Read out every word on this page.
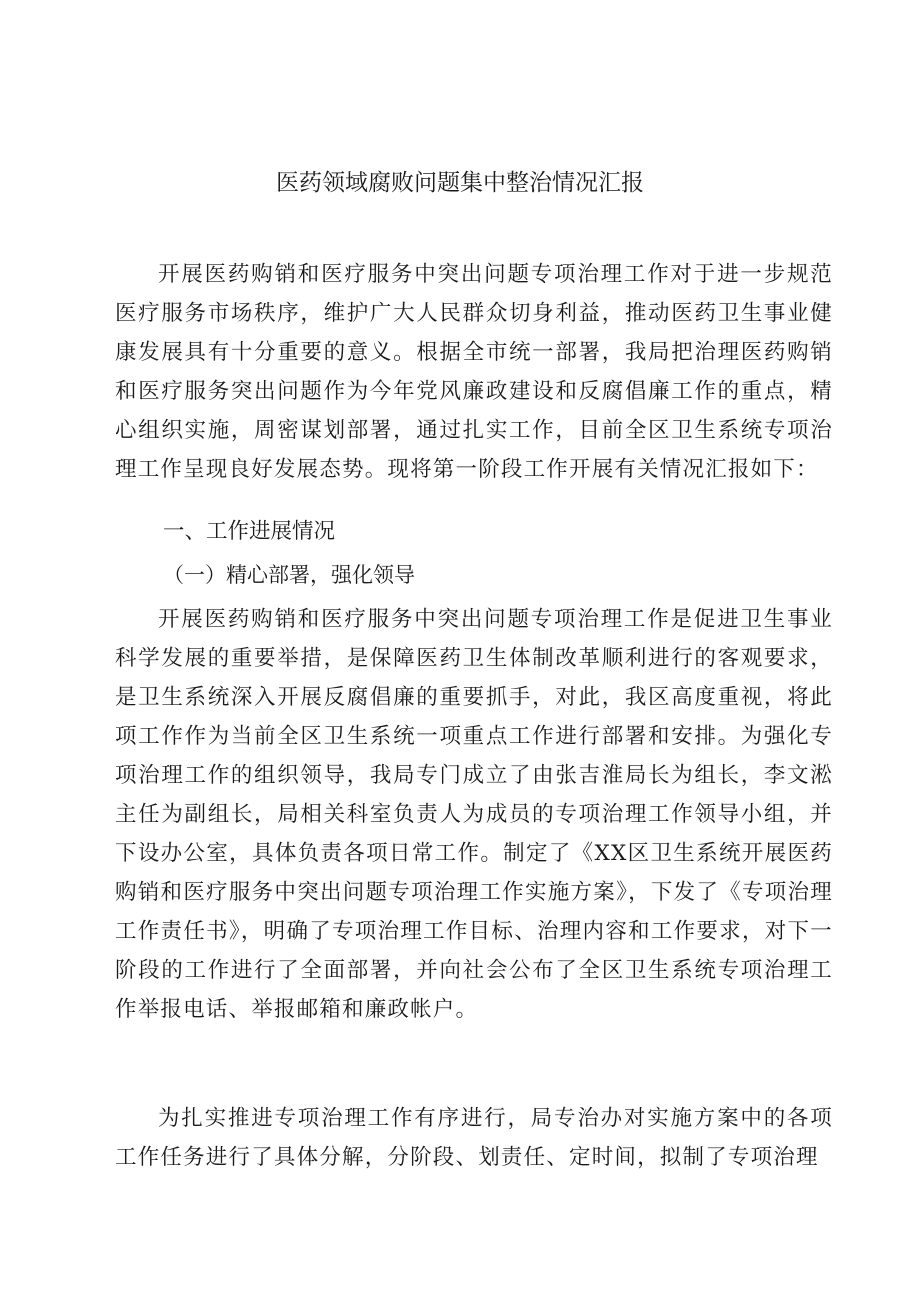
医药领域腐败问题集中整治情况汇报

开展医药购销和医疗服务中突出问题专项治理工作对于进一步规范医疗服务市场秩序，维护广大人民群众切身利益，推动医药卫生事业健康发展具有十分重要的意义。根据全市统一部署，我局把治理医药购销和医疗服务突出问题作为今年党风廉政建设和反腐倡廉工作的重点，精心组织实施，周密谋划部署，通过扎实工作，目前全区卫生系统专项治理工作呈现良好发展态势。现将第一阶段工作开展有关情况汇报如下：

一、工作进展情况
（一）精心部署，强化领导

开展医药购销和医疗服务中突出问题专项治理工作是促进卫生事业科学发展的重要举措，是保障医药卫生体制改革顺利进行的客观要求，是卫生系统深入开展反腐倡廉的重要抓手，对此，我区高度重视，将此项工作作为当前全区卫生系统一项重点工作进行部署和安排。为强化专项治理工作的组织领导，我局专门成立了由张吉淮局长为组长，李文淞主任为副组长，局相关科室负责人为成员的专项治理工作领导小组，并下设办公室，具体负责各项日常工作。制定了《XX区卫生系统开展医药购销和医疗服务中突出问题专项治理工作实施方案》，下发了《专项治理工作责任书》，明确了专项治理工作目标、治理内容和工作要求，对下一阶段的工作进行了全面部署，并向社会公布了全区卫生系统专项治理工作举报电话、举报邮箱和廉政帐户。

为扎实推进专项治理工作有序进行，局专治办对实施方案中的各项工作任务进行了具体分解，分阶段、划责任、定时间，拟制了专项治理
